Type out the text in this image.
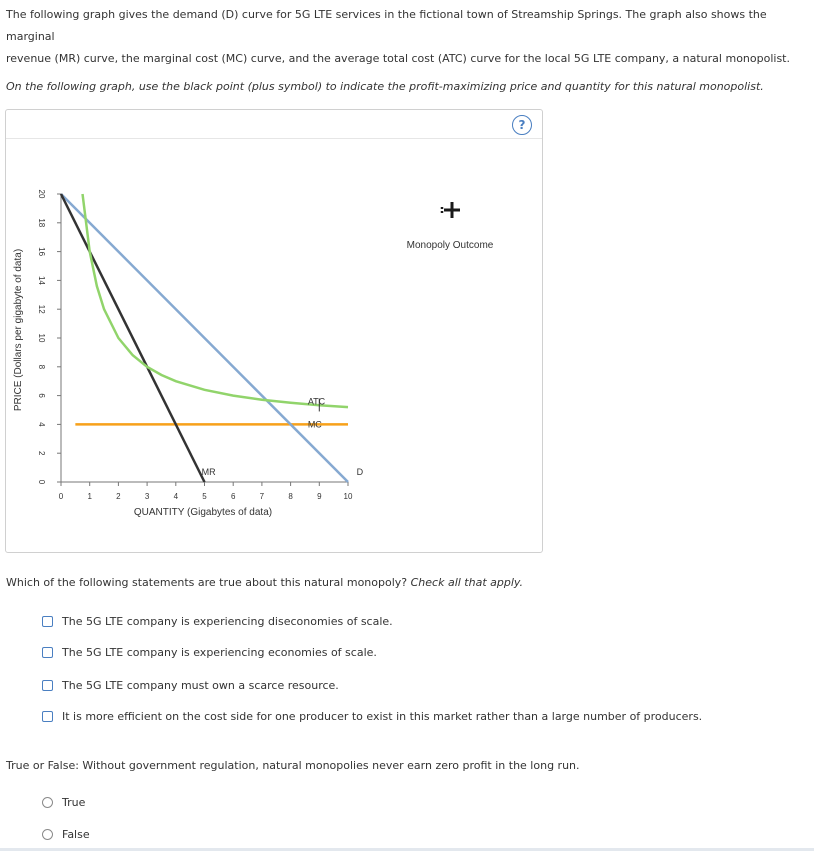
The following graph gives the demand (D) curve for 5G LTE services in the fictional town of Streamship Springs. The graph also shows the marginal
revenue (MR) curve, the marginal cost (MC) curve, and the average total cost (ATC) curve for the local 5G LTE company, a natural monopolist.
On the following graph, use the black point (plus symbol) to indicate the profit-maximizing price and quantity for this natural monopolist.
?
0	1	2	3	4	5	6	7	8	9	10
0
2
4
6
8
10
12
14
16
18
20
ATC
MC
MR	D
QUANTITY (Gigabytes of data)
PRICE (Dollars per gigabyte of data)
Monopoly Outcome
Which of the following statements are true about this natural monopoly? Check all that apply.
The 5G LTE company is experiencing diseconomies of scale.
The 5G LTE company is experiencing economies of scale.
The 5G LTE company must own a scarce resource.
It is more efficient on the cost side for one producer to exist in this market rather than a large number of producers.
True or False: Without government regulation, natural monopolies never earn zero profit in the long run.
True
False
